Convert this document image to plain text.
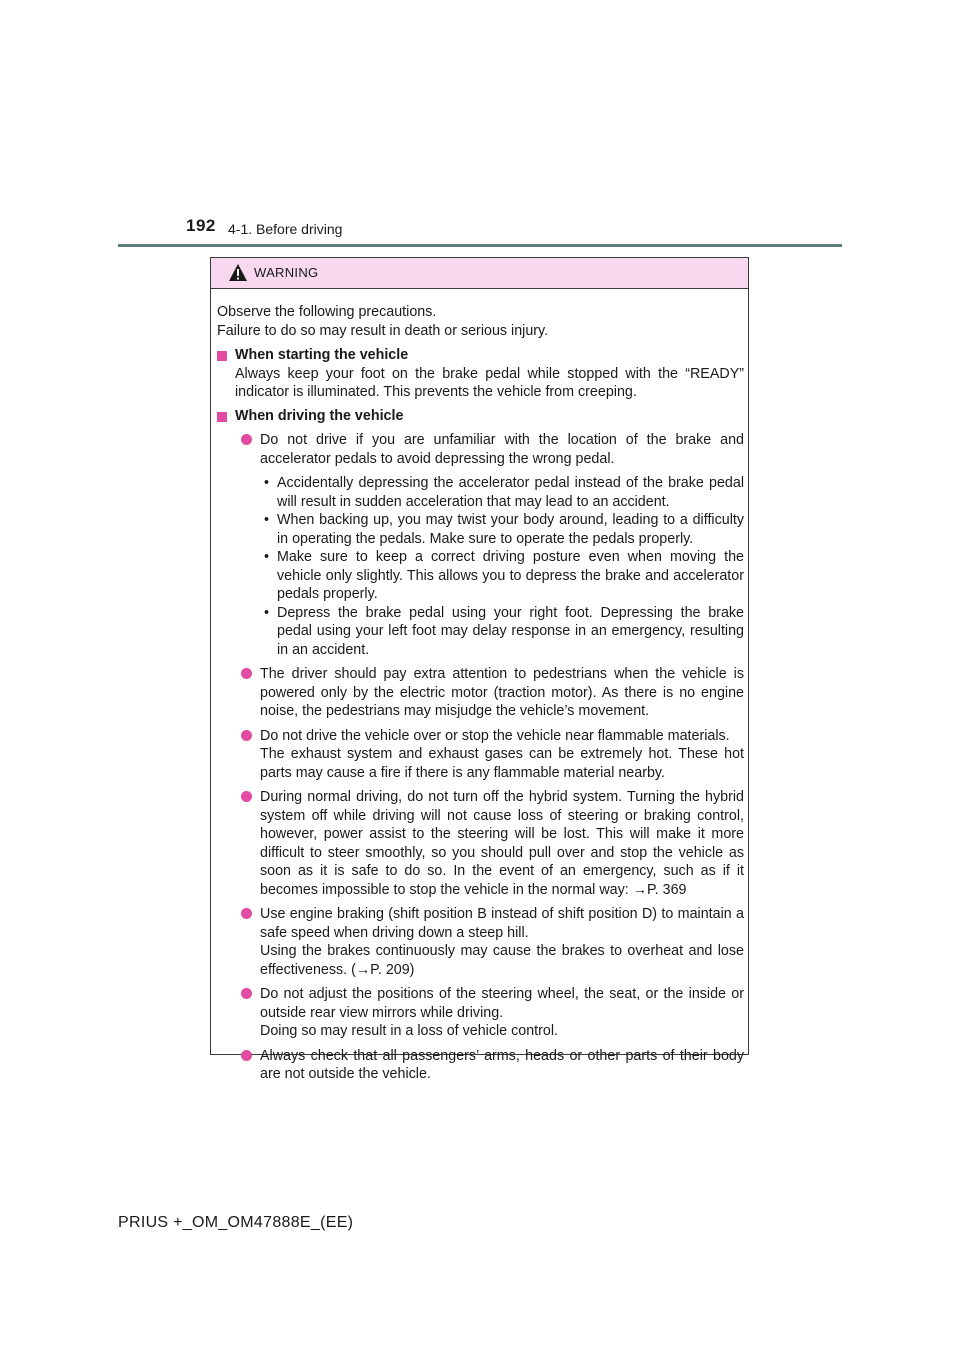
192 4-1. Before driving
WARNING
Observe the following precautions.
Failure to do so may result in death or serious injury.
When starting the vehicle
Always keep your foot on the brake pedal while stopped with the “READY” indicator is illuminated. This prevents the vehicle from creeping.
When driving the vehicle
Do not drive if you are unfamiliar with the location of the brake and accelerator pedals to avoid depressing the wrong pedal.
• Accidentally depressing the accelerator pedal instead of the brake pedal will result in sudden acceleration that may lead to an accident.
• When backing up, you may twist your body around, leading to a difficulty in operating the pedals. Make sure to operate the pedals properly.
• Make sure to keep a correct driving posture even when moving the vehicle only slightly. This allows you to depress the brake and accelerator pedals properly.
• Depress the brake pedal using your right foot. Depressing the brake pedal using your left foot may delay response in an emergency, resulting in an accident.
The driver should pay extra attention to pedestrians when the vehicle is powered only by the electric motor (traction motor). As there is no engine noise, the pedestrians may misjudge the vehicle’s movement.
Do not drive the vehicle over or stop the vehicle near flammable materials.
The exhaust system and exhaust gases can be extremely hot. These hot parts may cause a fire if there is any flammable material nearby.
During normal driving, do not turn off the hybrid system. Turning the hybrid system off while driving will not cause loss of steering or braking control, however, power assist to the steering will be lost. This will make it more difficult to steer smoothly, so you should pull over and stop the vehicle as soon as it is safe to do so. In the event of an emergency, such as if it becomes impossible to stop the vehicle in the normal way: →P. 369
Use engine braking (shift position B instead of shift position D) to maintain a safe speed when driving down a steep hill.
Using the brakes continuously may cause the brakes to overheat and lose effectiveness. (→P. 209)
Do not adjust the positions of the steering wheel, the seat, or the inside or outside rear view mirrors while driving.
Doing so may result in a loss of vehicle control.
Always check that all passengers’ arms, heads or other parts of their body are not outside the vehicle.
PRIUS +_OM_OM47888E_(EE)
